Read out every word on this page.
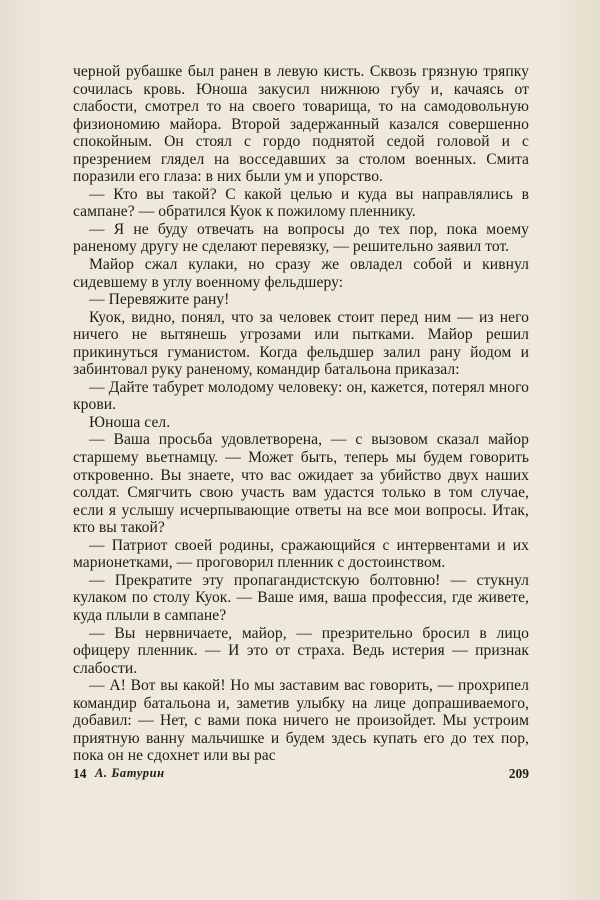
черной рубашке был ранен в левую кисть. Сквозь грязную тряпку сочилась кровь. Юноша закусил нижнюю губу и, качаясь от слабости, смотрел то на своего товарища, то на самодовольную физиономию майора. Второй задержанный казался совершенно спокойным. Он стоял с гордо поднятой седой головой и с презрением глядел на восседавших за столом военных. Смита поразили его глаза: в них были ум и упорство.

— Кто вы такой? С какой целью и куда вы направлялись в сампане? — обратился Куок к пожилому пленнику.

— Я не буду отвечать на вопросы до тех пор, пока моему раненому другу не сделают перевязку, — решительно заявил тот.

Майор сжал кулаки, но сразу же овладел собой и кивнул сидевшему в углу военному фельдшеру:

— Перевяжите рану!

Куок, видно, понял, что за человек стоит перед ним — из него ничего не вытянешь угрозами или пытками. Майор решил прикинуться гуманистом. Когда фельдшер залил рану йодом и забинтовал руку раненому, командир батальона приказал:

— Дайте табурет молодому человеку: он, кажется, потерял много крови.

Юноша сел.

— Ваша просьба удовлетворена, — с вызовом сказал майор старшему вьетнамцу. — Может быть, теперь мы будем говорить откровенно. Вы знаете, что вас ожидает за убийство двух наших солдат. Смягчить свою участь вам удастся только в том случае, если я услышу исчерпывающие ответы на все мои вопросы. Итак, кто вы такой?

— Патриот своей родины, сражающийся с интервентами и их марионетками, — проговорил пленник с достоинством.

— Прекратите эту пропагандистскую болтовню! — стукнул кулаком по столу Куок. — Ваше имя, ваша профессия, где живете, куда плыли в сампане?

— Вы нервничаете, майор, — презрительно бросил в лицо офицеру пленник. — И это от страха. Ведь истерия — признак слабости.

— А! Вот вы какой! Но мы заставим вас говорить, — прохрипел командир батальона и, заметив улыбку на лице допрашиваемого, добавил: — Нет, с вами пока ничего не произойдет. Мы устроим приятную ванну мальчишке и будем здесь купать его до тех пор, пока он не сдохнет или вы рас

14 А. Батурин	209
